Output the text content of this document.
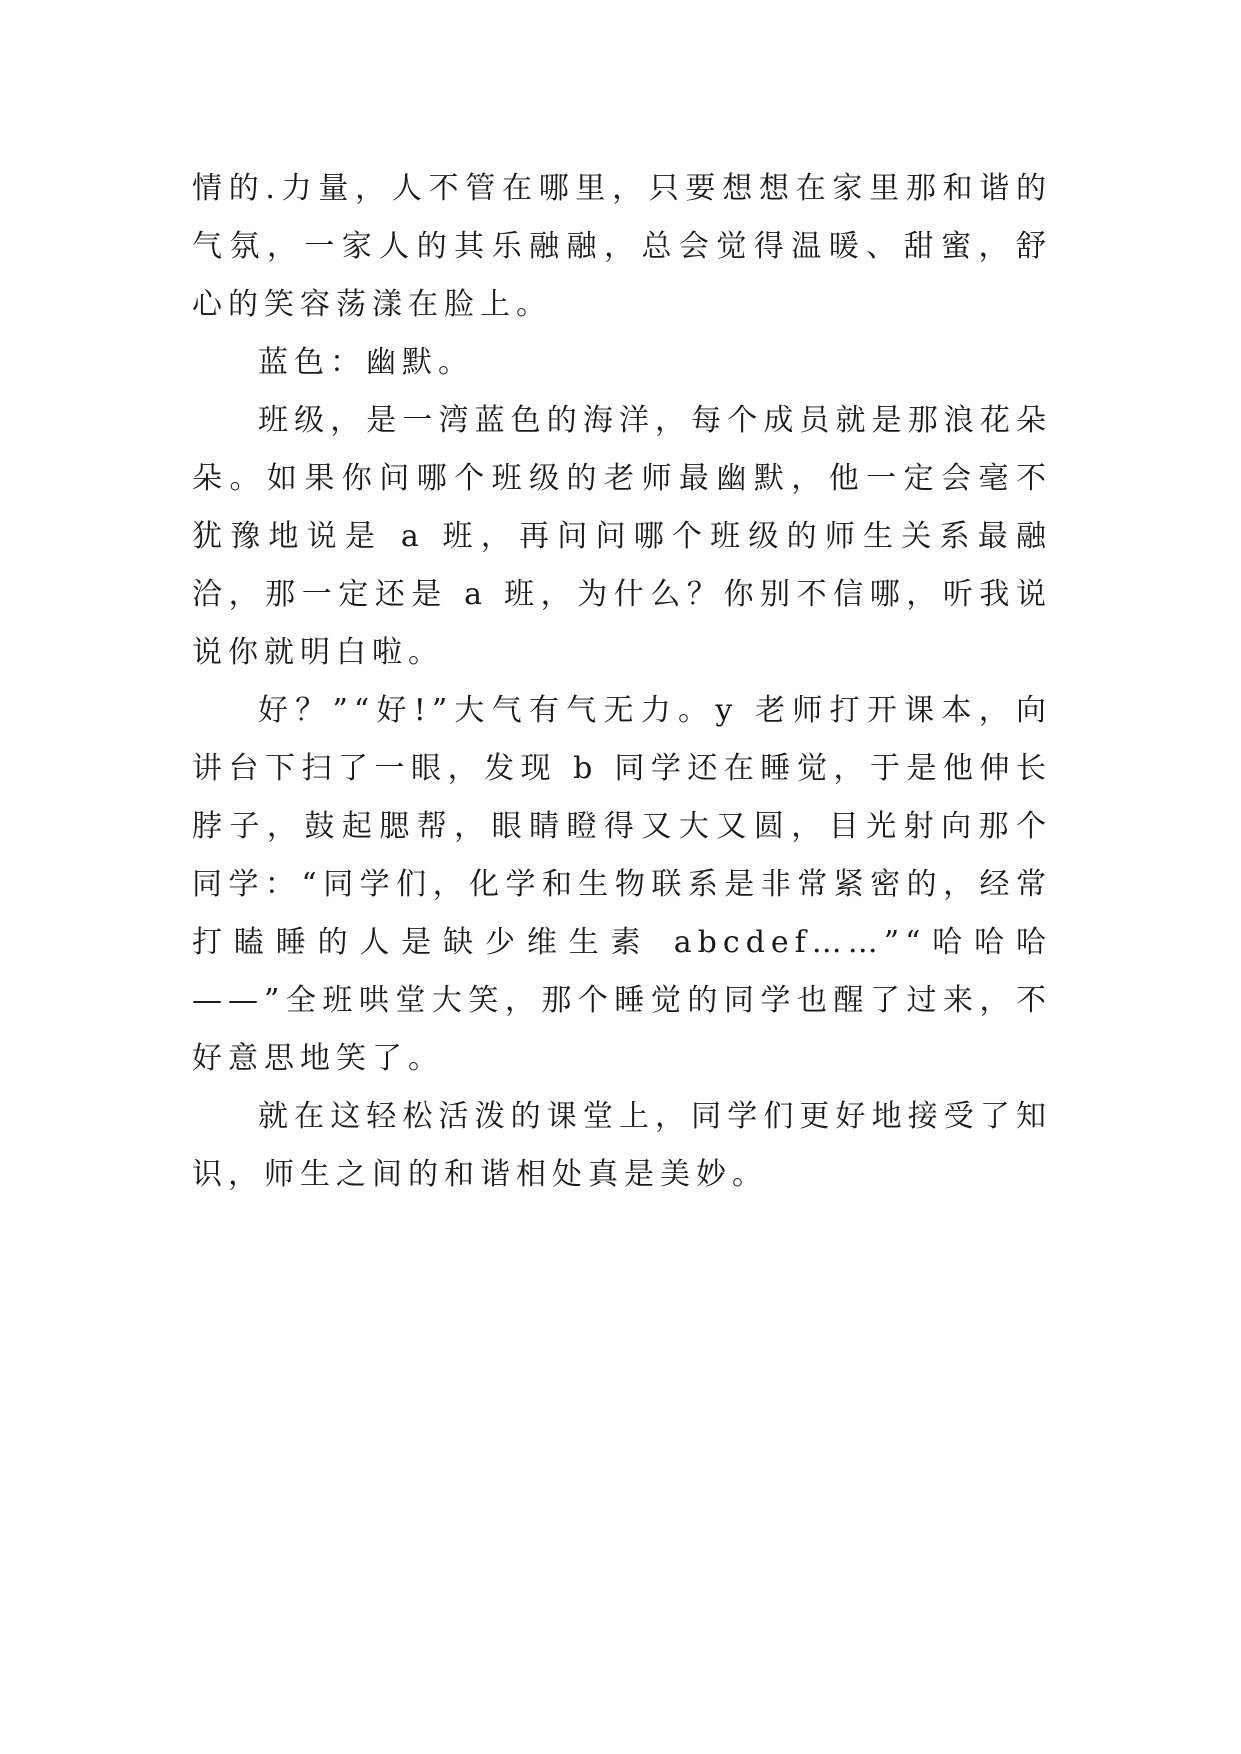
情的.力量，人不管在哪里，只要想想在家里那和谐的气氛，一家人的其乐融融，总会觉得温暖、甜蜜，舒心的笑容荡漾在脸上。

蓝色：幽默。

班级，是一湾蓝色的海洋，每个成员就是那浪花朵朵。如果你问哪个班级的老师最幽默，他一定会毫不犹豫地说是 a 班，再问问哪个班级的师生关系最融洽，那一定还是 a 班，为什么？你别不信哪，听我说说你就明白啦。

好？”“好!”大气有气无力。y 老师打开课本，向讲台下扫了一眼，发现 b 同学还在睡觉，于是他伸长脖子，鼓起腮帮，眼睛瞪得又大又圆，目光射向那个同学：“同学们，化学和生物联系是非常紧密的，经常打瞌睡的人是缺少维生素 abcdef……”“哈哈哈——”全班哄堂大笑，那个睡觉的同学也醒了过来，不好意思地笑了。

就在这轻松活泼的课堂上，同学们更好地接受了知识，师生之间的和谐相处真是美妙。
